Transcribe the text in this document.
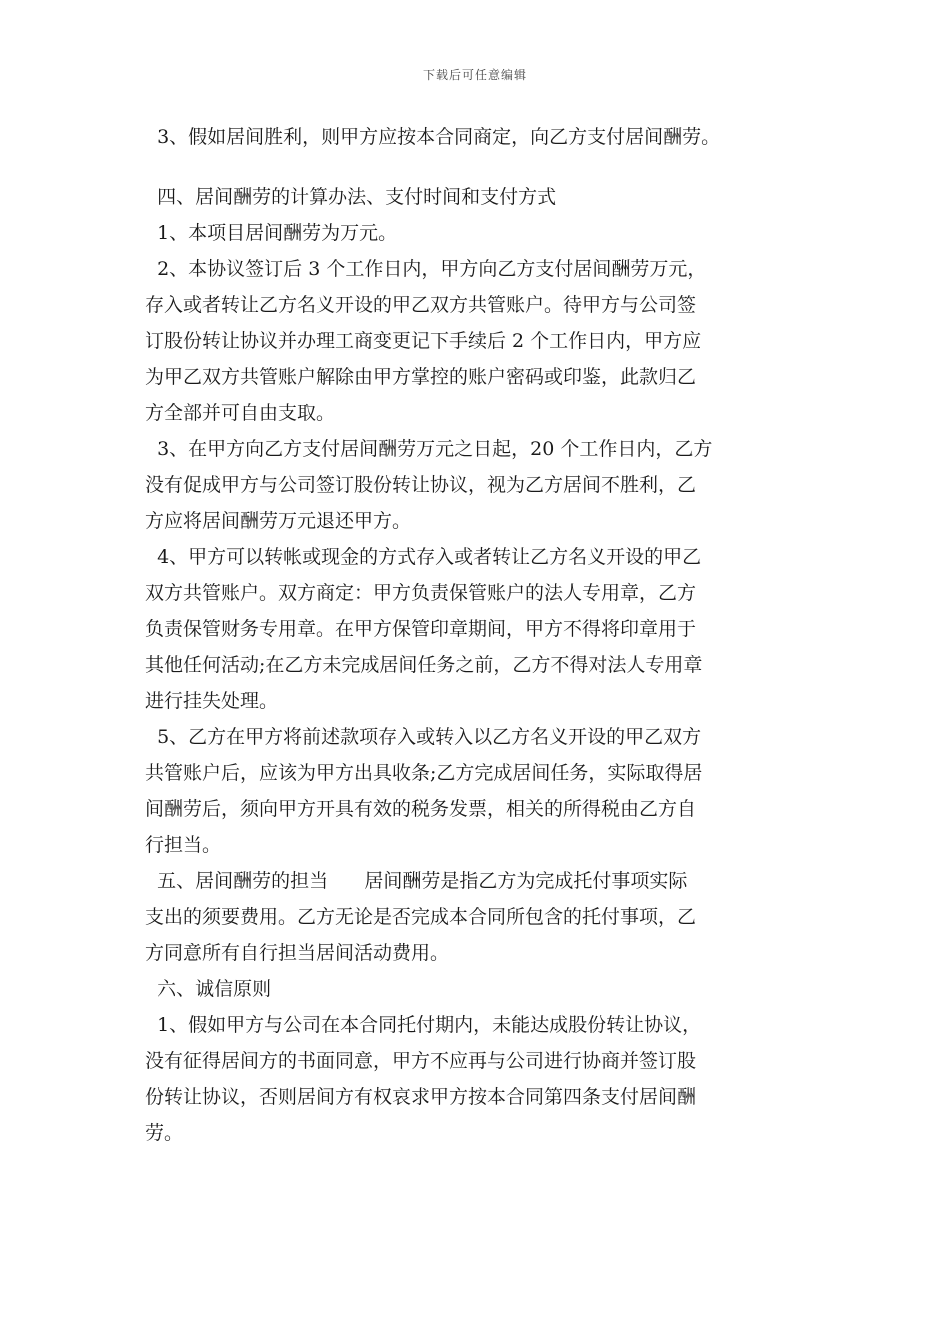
下载后可任意编辑
3、假如居间胜利，则甲方应按本合同商定，向乙方支付居间酬劳。
四、居间酬劳的计算办法、支付时间和支付方式
1、本项目居间酬劳为万元。
2、本协议签订后 3 个工作日内，甲方向乙方支付居间酬劳万元，
存入或者转让乙方名义开设的甲乙双方共管账户。待甲方与公司签
订股份转让协议并办理工商变更记下手续后 2 个工作日内，甲方应
为甲乙双方共管账户解除由甲方掌控的账户密码或印鉴，此款归乙
方全部并可自由支取。
3、在甲方向乙方支付居间酬劳万元之日起，20 个工作日内，乙方
没有促成甲方与公司签订股份转让协议，视为乙方居间不胜利，乙
方应将居间酬劳万元退还甲方。
4、甲方可以转帐或现金的方式存入或者转让乙方名义开设的甲乙
双方共管账户。双方商定：甲方负责保管账户的法人专用章，乙方
负责保管财务专用章。在甲方保管印章期间，甲方不得将印章用于
其他任何活动;在乙方未完成居间任务之前，乙方不得对法人专用章
进行挂失处理。
5、乙方在甲方将前述款项存入或转入以乙方名义开设的甲乙双方
共管账户后，应该为甲方出具收条;乙方完成居间任务，实际取得居
间酬劳后，须向甲方开具有效的税务发票，相关的所得税由乙方自
行担当。
五、居间酬劳的担当      居间酬劳是指乙方为完成托付事项实际
支出的须要费用。乙方无论是否完成本合同所包含的托付事项，乙
方同意所有自行担当居间活动费用。
六、诚信原则
1、假如甲方与公司在本合同托付期内，未能达成股份转让协议，
没有征得居间方的书面同意，甲方不应再与公司进行协商并签订股
份转让协议，否则居间方有权哀求甲方按本合同第四条支付居间酬
劳。
